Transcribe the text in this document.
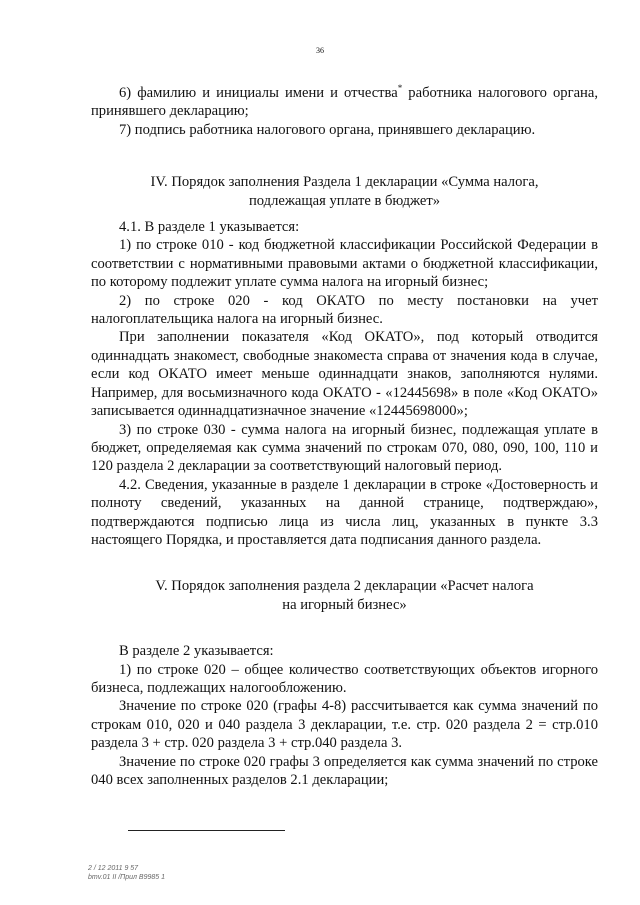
36

6) фамилию и инициалы имени и отчества* работника налогового органа, принявшего декларацию;

7) подпись работника налогового органа, принявшего декларацию.

IV. Порядок заполнения Раздела 1 декларации «Сумма налога,

подлежащая уплате в бюджет»

4.1. В разделе 1 указывается:

1) по строке 010 - код бюджетной классификации Российской Федерации в соответствии с нормативными правовыми актами о бюджетной классификации, по которому подлежит уплате сумма налога на игорный бизнес;

2) по строке 020 - код ОКАТО по месту постановки на учет налогоплательщика налога на игорный бизнес.

При заполнении показателя «Код ОКАТО», под который отводится одиннадцать знакомест, свободные знакоместа справа от значения кода в случае, если код ОКАТО имеет меньше одиннадцати знаков, заполняются нулями. Например, для восьмизначного кода ОКАТО - «12445698» в поле «Код ОКАТО» записывается одиннадцатизначное значение «12445698000»;

3) по строке 030 - сумма налога на игорный бизнес, подлежащая уплате в бюджет, определяемая как сумма значений по строкам 070, 080, 090, 100, 110 и 120 раздела 2 декларации за соответствующий налоговый период.

4.2. Сведения, указанные в разделе 1 декларации в строке «Достоверность и полноту сведений, указанных на данной странице, подтверждаю», подтверждаются подписью лица из числа лиц, указанных в пункте 3.3 настоящего Порядка, и проставляется дата подписания данного раздела.

V. Порядок заполнения раздела 2 декларации «Расчет налога

на игорный бизнес»

В разделе 2 указывается:

1) по строке 020 – общее количество соответствующих объектов игорного бизнеса, подлежащих налогообложению.

Значение по строке 020 (графы 4-8) рассчитывается как сумма значений по строкам 010, 020 и 040 раздела 3 декларации, т.е. стр. 020 раздела 2 = стр.010 раздела 3 + стр. 020 раздела 3 + стр.040 раздела 3.

Значение по строке 020 графы 3 определяется как сумма значений по строке 040 всех заполненных разделов 2.1 декларации;

2 / 12 2011 9 57
bmv.01 II /Прил B9985 1
